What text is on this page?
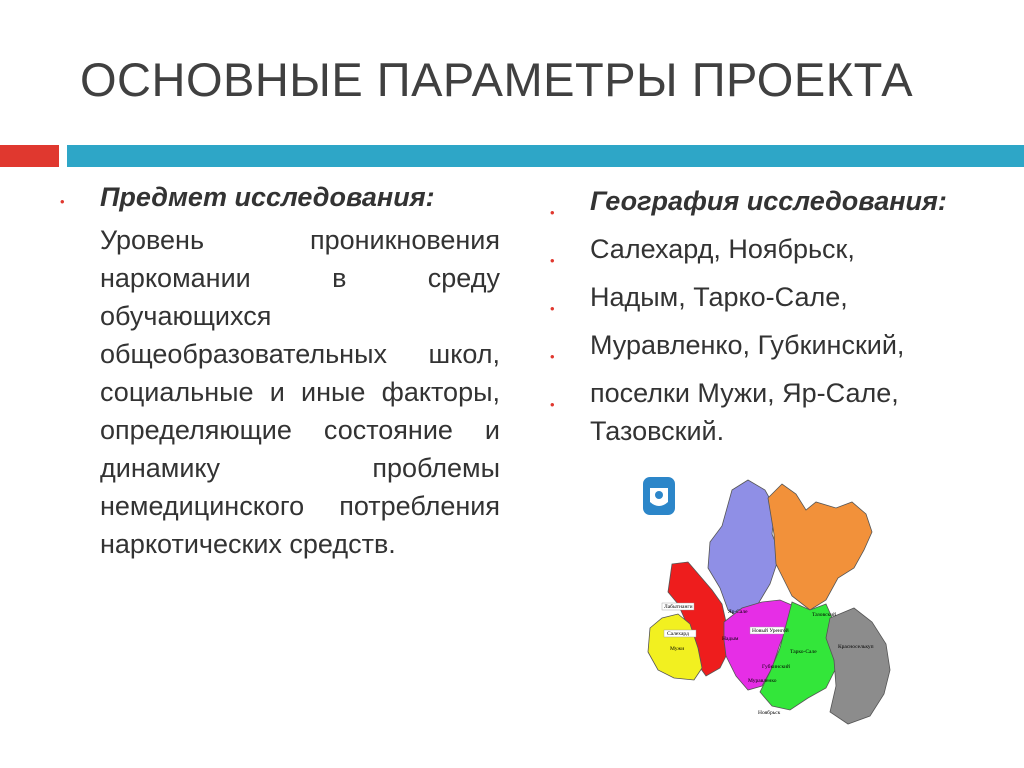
ОСНОВНЫЕ ПАРАМЕТРЫ ПРОЕКТА
• Предмет исследования:
Уровень проникновения наркомании в среду обучающихся общеобразовательных школ, социальные и иные факторы, определяющие состояние и динамику проблемы немедицинского потребления наркотических средств.
• География исследования:
• Салехард, Ноябрьск,
• Надым, Тарко-Сале,
• Муравленко, Губкинский,
• поселки Мужи, Яр-Сале, Тазовский.
Лабытнанги
Салехард
Мужи
Надым
Яр-Сале
Новый Уренгой
Тарко-Сале
Губкинский
Муравленко
Ноябрьск
Тазовский
Красноселькуп
